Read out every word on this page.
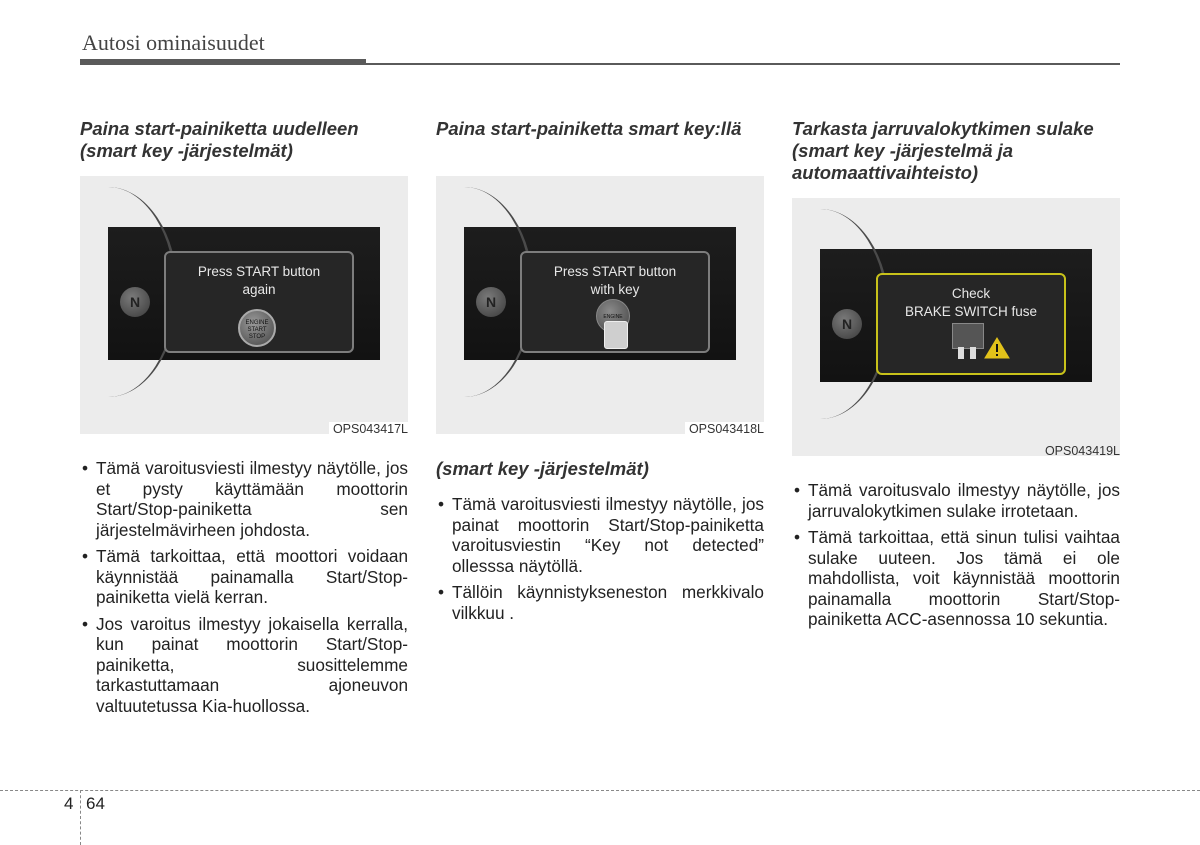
Autosi ominaisuudet
Paina start-painiketta uudelleen (smart key -järjestelmät)
N
Press START button
again
ENGINE START STOP
OPS043417L
• Tämä varoitusviesti ilmestyy näytölle, jos et pysty käyttämään moottorin Start/Stop-painiketta sen järjestelmävirheen johdosta.
• Tämä tarkoittaa, että moottori voidaan käynnistää painamalla Start/Stop-painiketta vielä kerran.
• Jos varoitus ilmestyy jokaisella kerralla, kun painat moottorin Start/Stop-painiketta, suosittelemme tarkastuttamaan ajoneuvon valtuutetussa Kia-huollossa.
Paina start-painiketta smart key:llä
N
Press START button
with key
ENGINE
OPS043418L
(smart key -järjestelmät)
• Tämä varoitusviesti ilmestyy näytölle, jos painat moottorin Start/Stop-painiketta varoitusviestin “Key not detected” ollesssa näytöllä.
• Tällöin käynnistykseneston merkkivalo vilkkuu .
Tarkasta jarruvalokytkimen sulake (smart key -järjestelmä ja automaattivaihteisto)
N
Check
BRAKE SWITCH fuse
OPS043419L
• Tämä varoitusvalo ilmestyy näytölle, jos jarruvalokytkimen sulake irrotetaan.
• Tämä tarkoittaa, että sinun tulisi vaihtaa sulake uuteen. Jos tämä ei ole mahdollista, voit käynnistää moottorin painamalla moottorin Start/Stop-painiketta ACC-asennossa 10 sekuntia.
4 64
